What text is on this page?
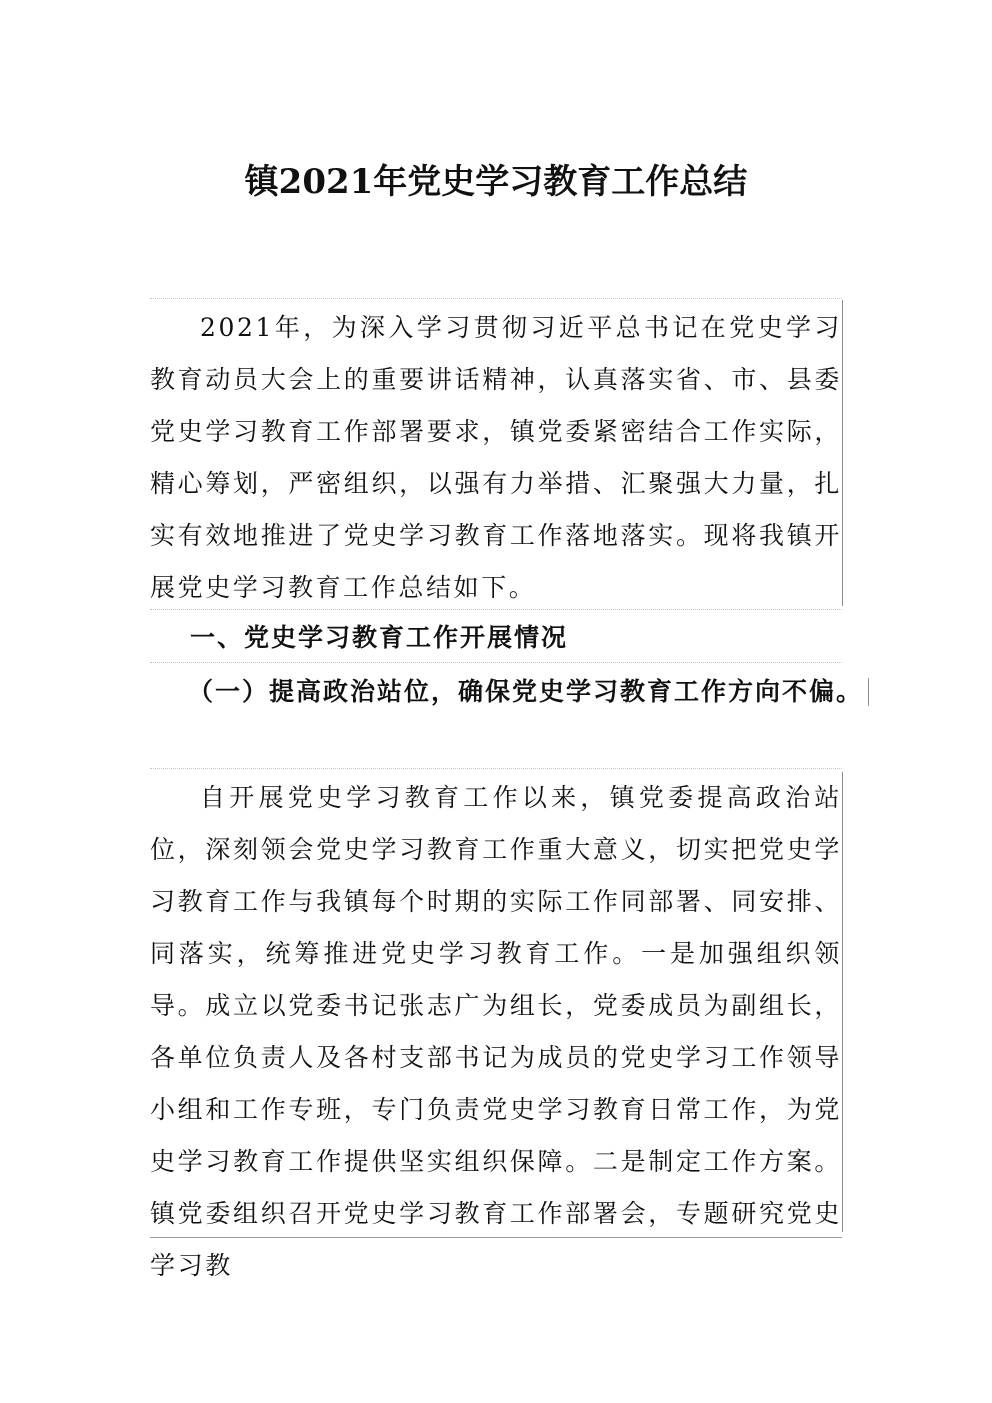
镇2021年党史学习教育工作总结

2021年，为深入学习贯彻习近平总书记在党史学习教育动员大会上的重要讲话精神，认真落实省、市、县委党史学习教育工作部署要求，镇党委紧密结合工作实际，精心筹划，严密组织，以强有力举措、汇聚强大力量，扎实有效地推进了党史学习教育工作落地落实。现将我镇开展党史学习教育工作总结如下。

一、党史学习教育工作开展情况
（一）提高政治站位，确保党史学习教育工作方向不偏。

自开展党史学习教育工作以来，镇党委提高政治站位，深刻领会党史学习教育工作重大意义，切实把党史学习教育工作与我镇每个时期的实际工作同部署、同安排、同落实，统筹推进党史学习教育工作。一是加强组织领导。成立以党委书记张志广为组长，党委成员为副组长，各单位负责人及各村支部书记为成员的党史学习工作领导小组和工作专班，专门负责党史学习教育日常工作，为党史学习教育工作提供坚实组织保障。二是制定工作方案。镇党委组织召开党史学习教育工作部署会，专题研究党史学习教
